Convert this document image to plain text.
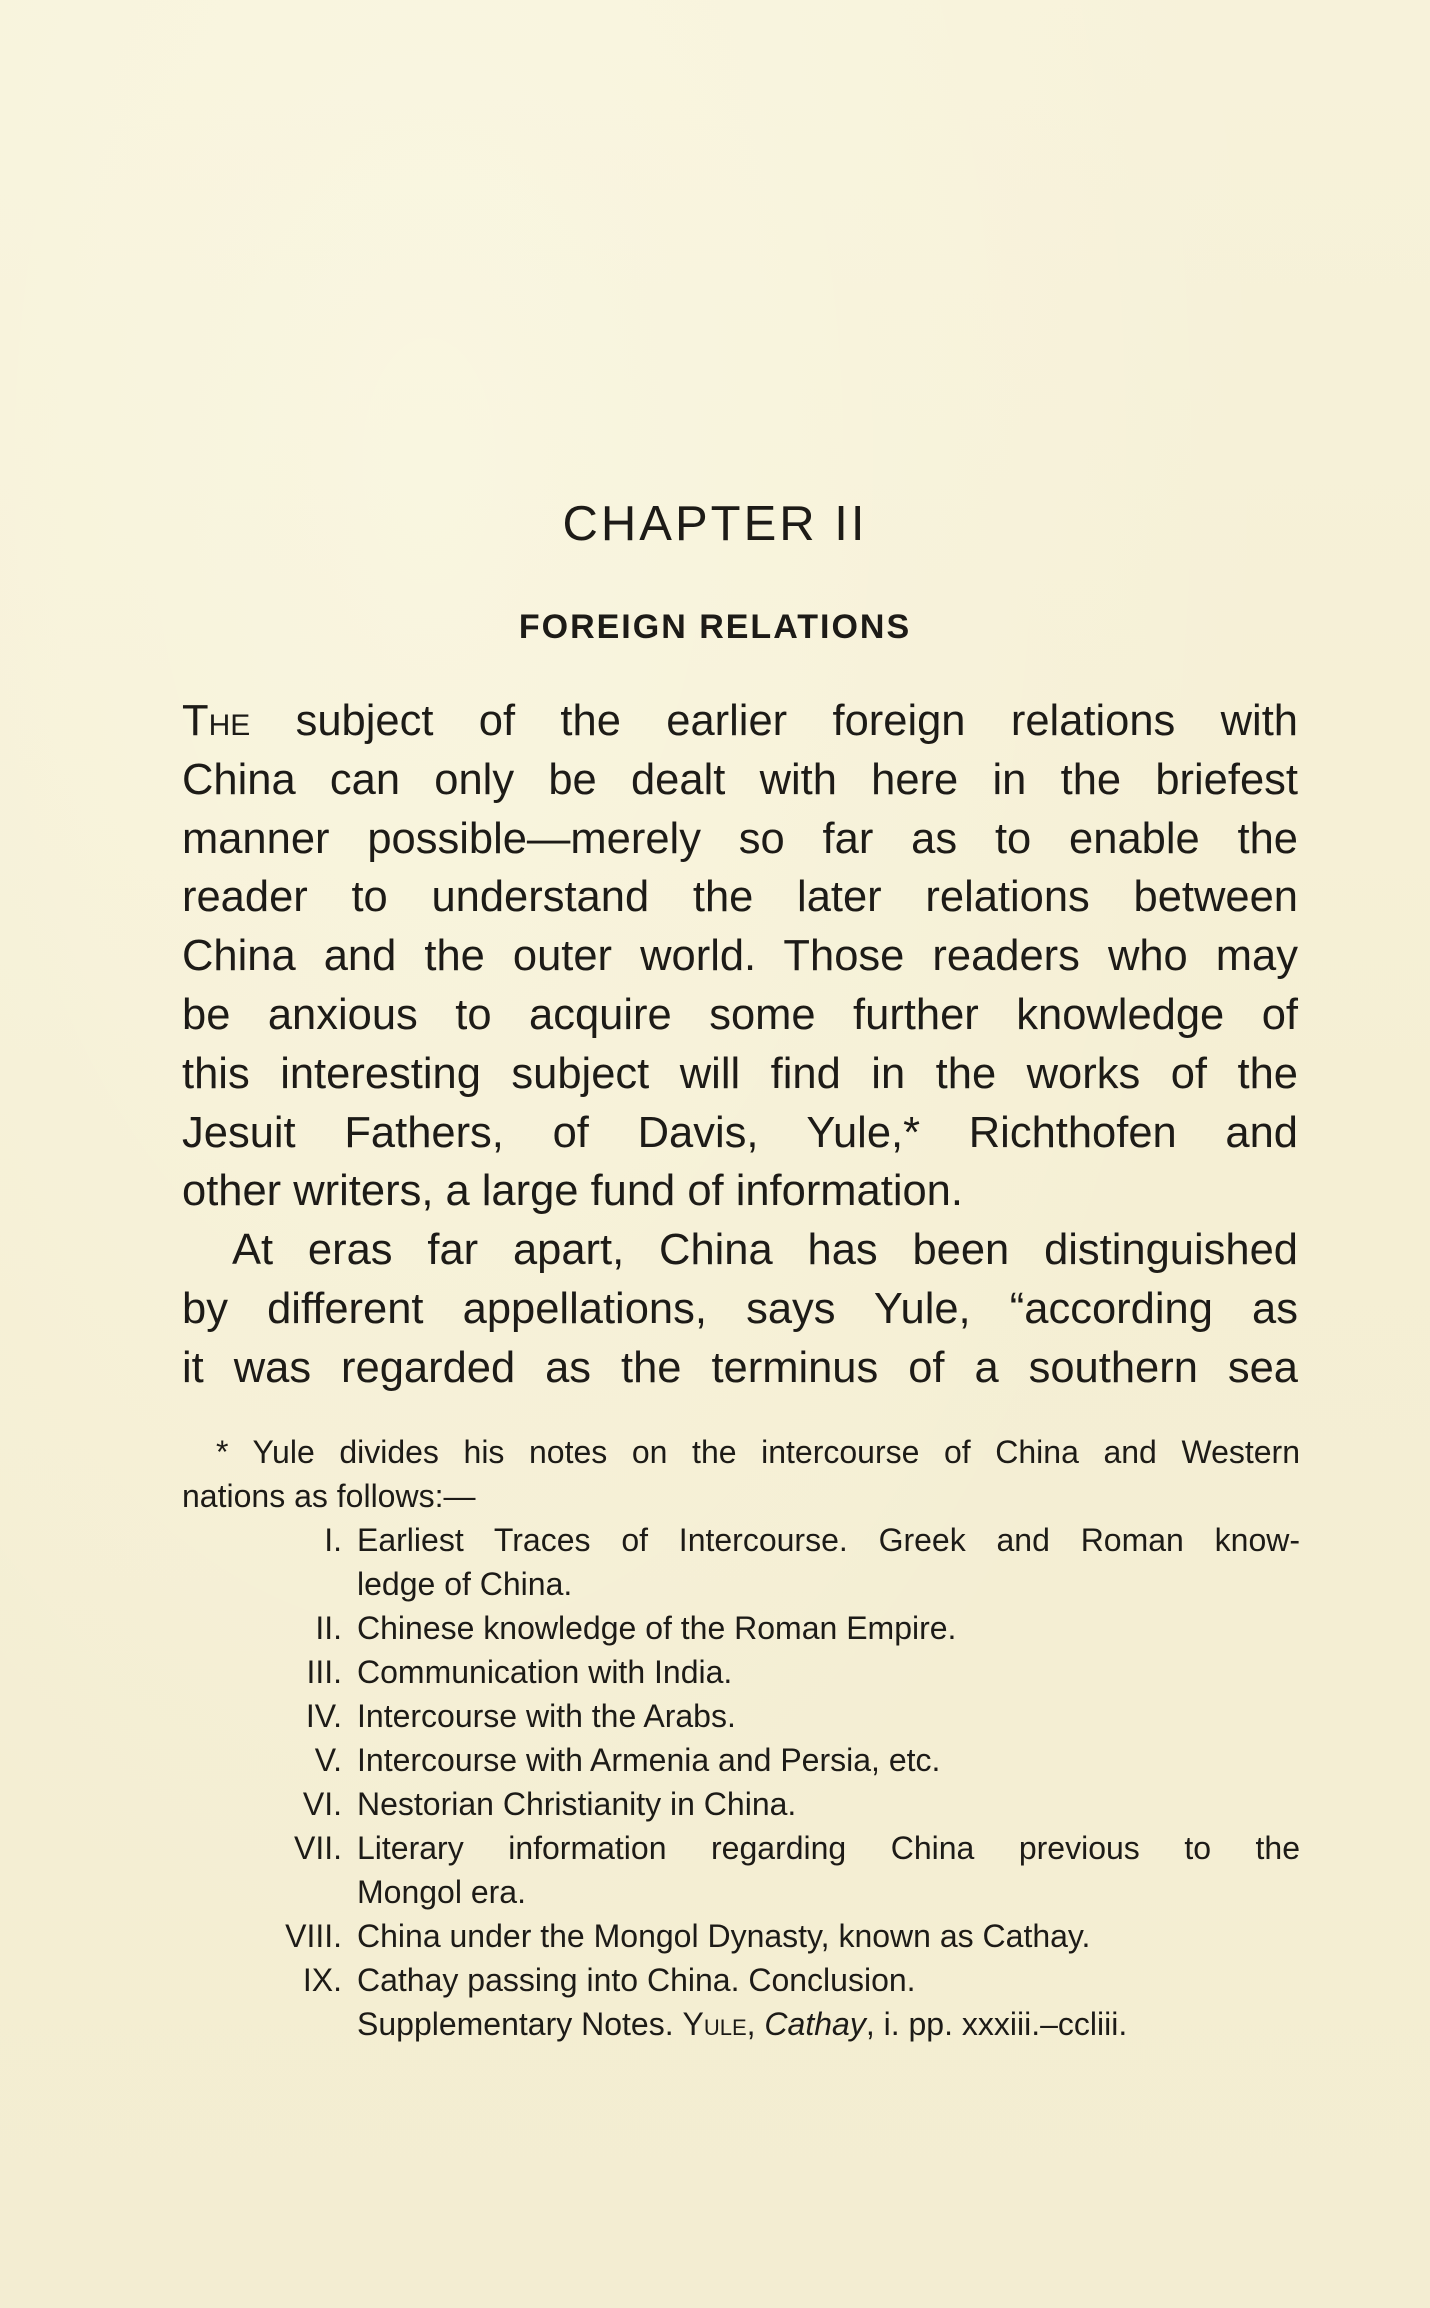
CHAPTER II
FOREIGN RELATIONS
The subject of the earlier foreign relations with
China can only be dealt with here in the briefest
manner possible—merely so far as to enable the
reader to understand the later relations between
China and the outer world. Those readers who may
be anxious to acquire some further knowledge of
this interesting subject will find in the works of the
Jesuit Fathers, of Davis, Yule,* Richthofen and
other writers, a large fund of information.
At eras far apart, China has been distinguished
by different appellations, says Yule, “according as
it was regarded as the terminus of a southern sea
* Yule divides his notes on the intercourse of China and Western
nations as follows:—
I. Earliest Traces of Intercourse. Greek and Roman know-
ledge of China.
II. Chinese knowledge of the Roman Empire.
III. Communication with India.
IV. Intercourse with the Arabs.
V. Intercourse with Armenia and Persia, etc.
VI. Nestorian Christianity in China.
VII. Literary information regarding China previous to the
Mongol era.
VIII. China under the Mongol Dynasty, known as Cathay.
IX. Cathay passing into China. Conclusion.
Supplementary Notes. Yule, Cathay, i. pp. xxxiii.–ccliii.
